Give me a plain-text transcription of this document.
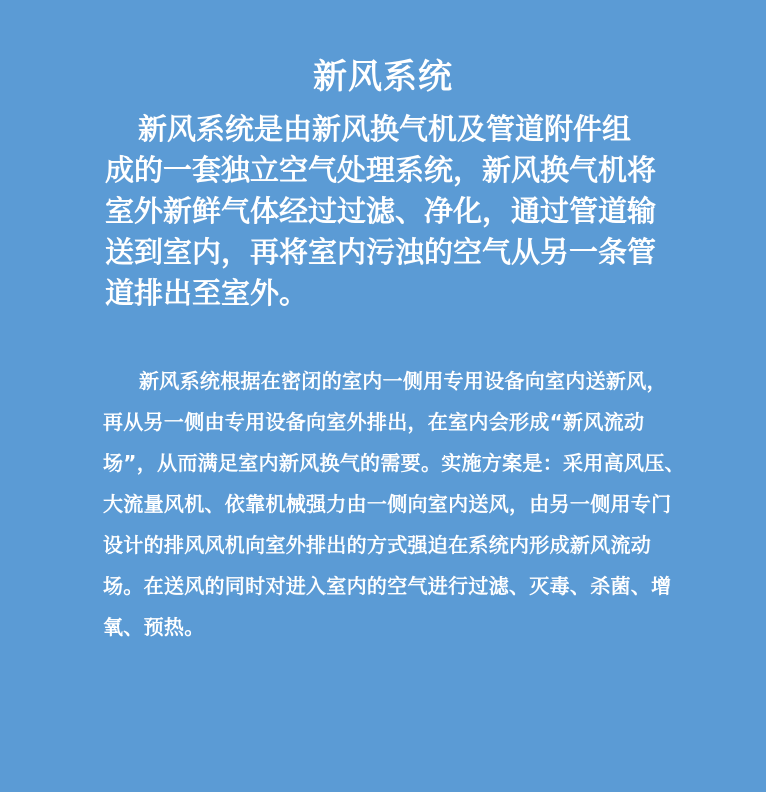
新风系统
新风系统是由新风换气机及管道附件组
成的一套独立空气处理系统，新风换气机将
室外新鲜气体经过过滤、净化，通过管道输
送到室内，再将室内污浊的空气从另一条管
道排出至室外。
新风系统根据在密闭的室内一侧用专用设备向室内送新风，
再从另一侧由专用设备向室外排出，在室内会形成“新风流动
场”，从而满足室内新风换气的需要。实施方案是：采用高风压、
大流量风机、依靠机械强力由一侧向室内送风，由另一侧用专门
设计的排风风机向室外排出的方式强迫在系统内形成新风流动
场。在送风的同时对进入室内的空气进行过滤、灭毒、杀菌、增
氧、预热。
